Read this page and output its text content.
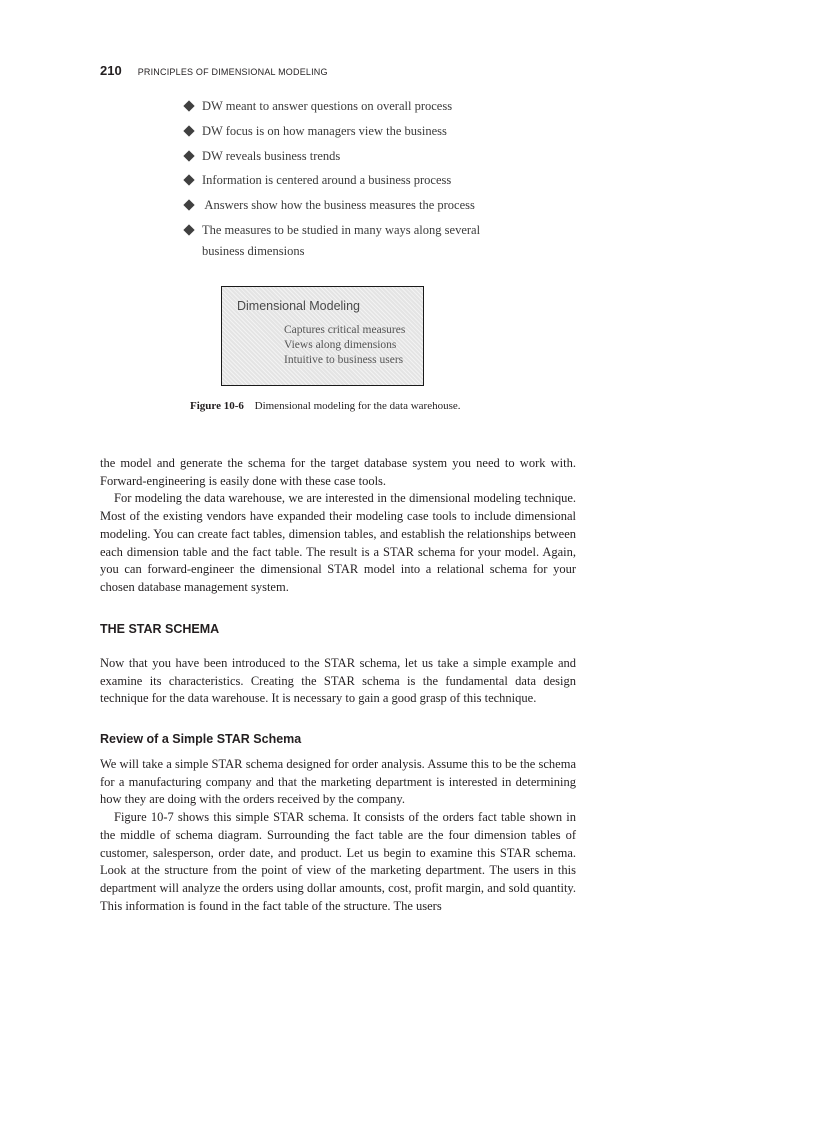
210 PRINCIPLES OF DIMENSIONAL MODELING
DW meant to answer questions on overall process
DW focus is on how managers view the business
DW reveals business trends
Information is centered around a business process
Answers show how the business measures the process
The measures to be studied in many ways along several
business dimensions
Dimensional Modeling
Captures critical measures
Views along dimensions
Intuitive to business users
Figure 10-6 Dimensional modeling for the data warehouse.

the model and generate the schema for the target database system you need to work with. Forward-engineering is easily done with these case tools.

For modeling the data warehouse, we are interested in the dimensional modeling technique. Most of the existing vendors have expanded their modeling case tools to include dimensional modeling. You can create fact tables, dimension tables, and establish the relationships between each dimension table and the fact table. The result is a STAR schema for your model. Again, you can forward-engineer the dimensional STAR model into a relational schema for your chosen database management system.

THE STAR SCHEMA

Now that you have been introduced to the STAR schema, let us take a simple example and examine its characteristics. Creating the STAR schema is the fundamental data design technique for the data warehouse. It is necessary to gain a good grasp of this technique.

Review of a Simple STAR Schema

We will take a simple STAR schema designed for order analysis. Assume this to be the schema for a manufacturing company and that the marketing department is interested in determining how they are doing with the orders received by the company.

Figure 10-7 shows this simple STAR schema. It consists of the orders fact table shown in the middle of schema diagram. Surrounding the fact table are the four dimension tables of customer, salesperson, order date, and product. Let us begin to examine this STAR schema. Look at the structure from the point of view of the marketing department. The users in this department will analyze the orders using dollar amounts, cost, profit margin, and sold quantity. This information is found in the fact table of the structure. The users
